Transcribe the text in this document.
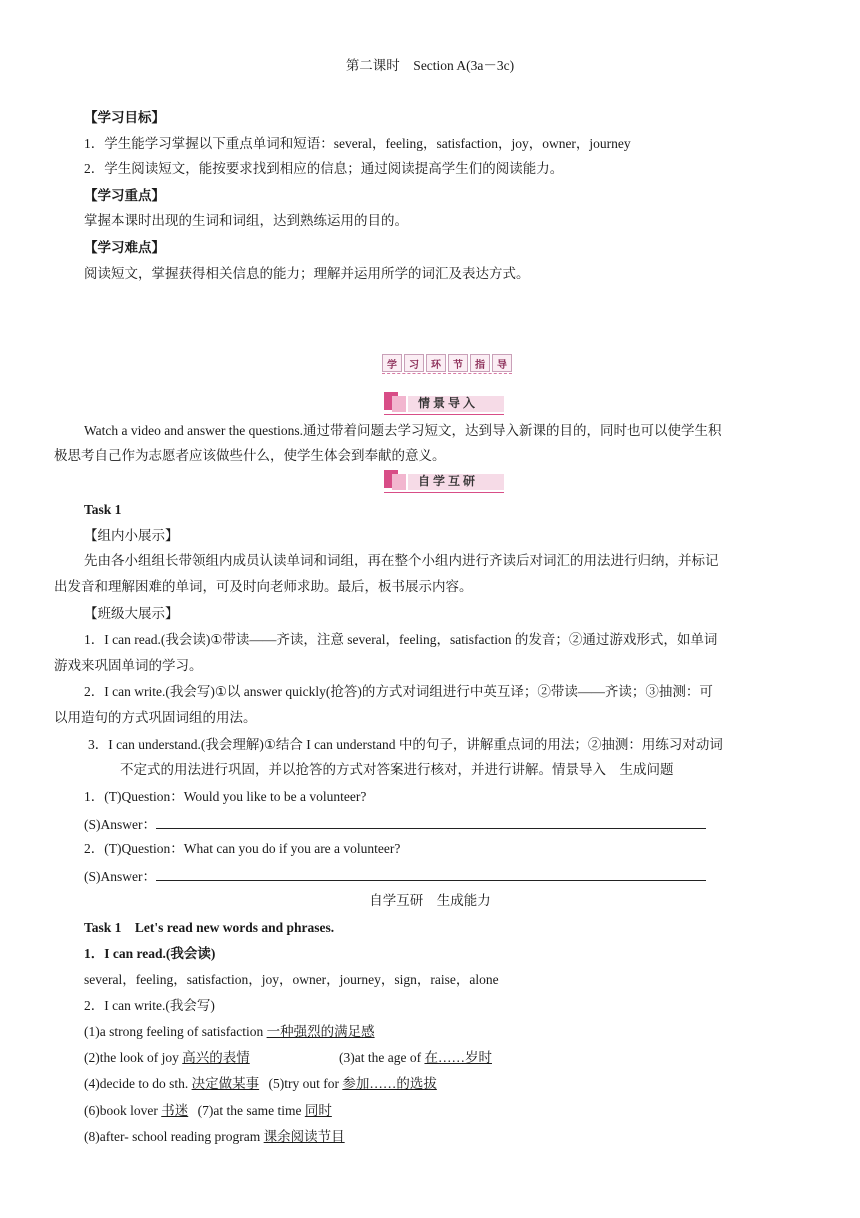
第二课时　Section A(3a－3c)
【学习目标】
1．学生能学习掌握以下重点单词和短语：several，feeling，satisfaction，joy，owner，journey
2．学生阅读短文，能按要求找到相应的信息；通过阅读提高学生们的阅读能力。
【学习重点】
掌握本课时出现的生词和词组，达到熟练运用的目的。
【学习难点】
阅读短文，掌握获得相关信息的能力；理解并运用所学的词汇及表达方式。
学	习	环	节	指	导
情景导入
Watch a video and answer the questions.通过带着问题去学习短文，达到导入新课的目的，同时也可以使学生积
极思考自己作为志愿者应该做些什么，使学生体会到奉献的意义。
自学互研
Task 1
【组内小展示】
先由各小组组长带领组内成员认读单词和词组，再在整个小组内进行齐读后对词汇的用法进行归纳，并标记
出发音和理解困难的单词，可及时向老师求助。最后，板书展示内容。
【班级大展示】
1．I can read.(我会读)①带读——齐读，注意 several，feeling，satisfaction 的发音；②通过游戏形式，如单词
游戏来巩固单词的学习。
2．I can write.(我会写)①以 answer quickly(抢答)的方式对词组进行中英互译；②带读——齐读；③抽测：可
以用造句的方式巩固词组的用法。
3．I can understand.(我会理解)①结合 I can understand 中的句子，讲解重点词的用法；②抽测：用练习对动词
不定式的用法进行巩固，并以抢答的方式对答案进行核对，并进行讲解。情景导入　生成问题
1．(T)Question：Would you like to be a volunteer?
(S)Answer：
2．(T)Question：What can you do if you are a volunteer?
(S)Answer：
自学互研　生成能力
Task 1　Let's read new words and phrases.
1．I can read.(我会读)
several，feeling，satisfaction，joy，owner，journey，sign，raise，alone
2．I can write.(我会写)
(1)a strong feeling of satisfaction 一种强烈的满足感
(2)the look of joy 高兴的表情	(3)at the age of 在……岁时
(4)decide to do sth. 决定做某事 (5)try out for 参加……的选拔
(6)book lover 书迷 (7)at the same time 同时
(8)after- school reading program 课余阅读节目
